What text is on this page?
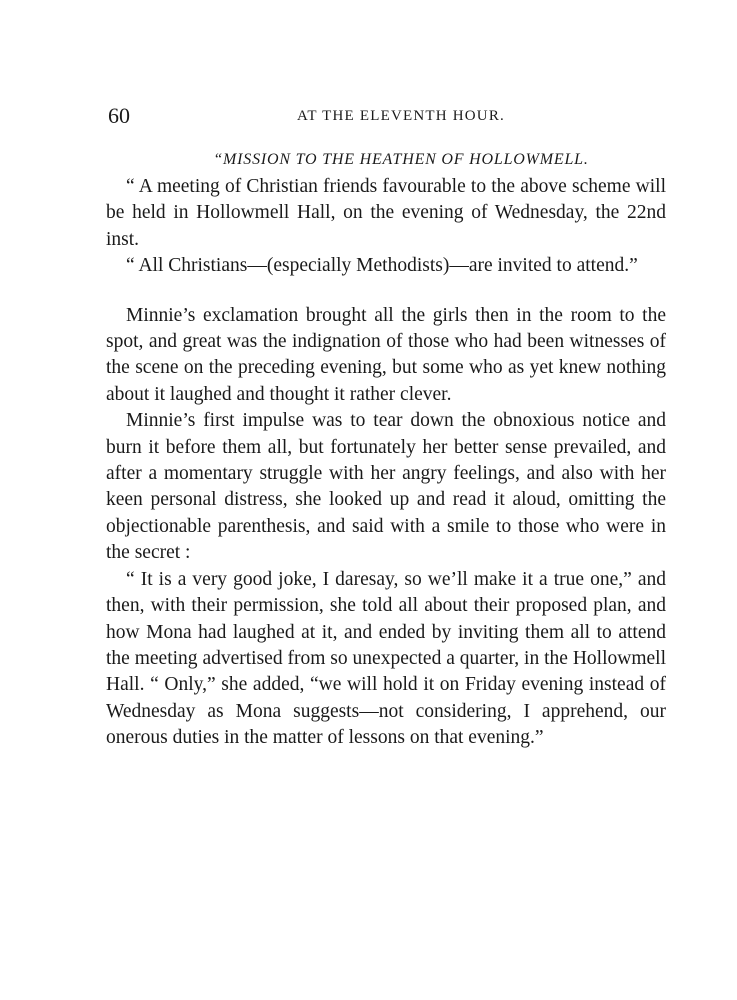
60	AT THE ELEVENTH HOUR.

“MISSION TO THE HEATHEN OF HOLLOWMELL.

“ A meeting of Christian friends favourable to the above scheme will be held in Hollowmell Hall, on the evening of Wednesday, the 22nd inst.

“ All Christians—(especially Methodists)—are invited to attend.”

Minnie’s exclamation brought all the girls then in the room to the spot, and great was the indignation of those who had been witnesses of the scene on the preceding evening, but some who as yet knew nothing about it laughed and thought it rather clever.

Minnie’s first impulse was to tear down the obnoxious notice and burn it before them all, but fortunately her better sense prevailed, and after a momentary struggle with her angry feelings, and also with her keen personal distress, she looked up and read it aloud, omitting the objectionable parenthesis, and said with a smile to those who were in the secret :

“ It is a very good joke, I daresay, so we’ll make it a true one,” and then, with their permission, she told all about their proposed plan, and how Mona had laughed at it, and ended by inviting them all to attend the meeting advertised from so unexpected a quarter, in the Hollowmell Hall. “ Only,” she added, “we will hold it on Friday evening instead of Wednesday as Mona suggests—not considering, I apprehend, our onerous duties in the matter of lessons on that evening.”
